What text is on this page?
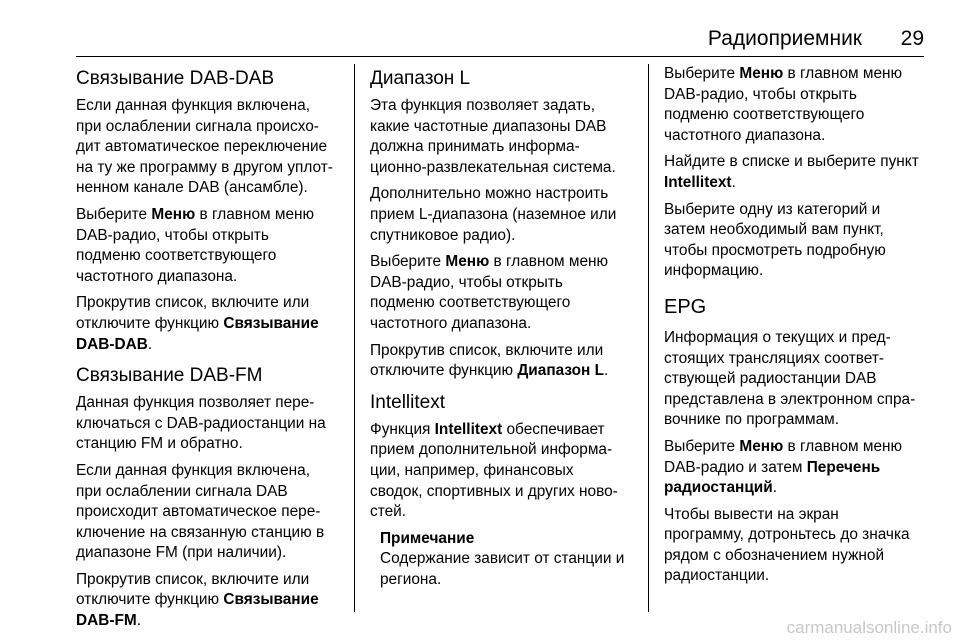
Радиоприемник 29
Связывание DAB-DAB

Если данная функция включена,
при ослаблении сигнала происхо-
дит автоматическое переключение
на ту же программу в другом уплот-
ненном канале DAB (ансамбле).

Выберите Меню в главном меню
DAB-радио, чтобы открыть
подменю соответствующего
частотного диапазона.

Прокрутив список, включите или
отключите функцию Связывание
DAB-DAB.

Связывание DAB-FM

Данная функция позволяет пере-
ключаться с DAB-радиостанции на
станцию FM и обратно.

Если данная функция включена,
при ослаблении сигнала DAB
происходит автоматическое пере-
ключение на связанную станцию в
диапазоне FM (при наличии).

Прокрутив список, включите или
отключите функцию Связывание
DAB-FM.

Диапазон L

Эта функция позволяет задать,
какие частотные диапазоны DAB
должна принимать информа-
ционно-развлекательная система.

Дополнительно можно настроить
прием L-диапазона (наземное или
спутниковое радио).

Выберите Меню в главном меню
DAB-радио, чтобы открыть
подменю соответствующего
частотного диапазона.

Прокрутив список, включите или
отключите функцию Диапазон L.

Intellitext

Функция Intellitext обеспечивает
прием дополнительной информа-
ции, например, финансовых
сводок, спортивных и других ново-
стей.

Примечание

Содержание зависит от станции и
региона.

Выберите Меню в главном меню
DAB-радио, чтобы открыть
подменю соответствующего
частотного диапазона.

Найдите в списке и выберите пункт
Intellitext.

Выберите одну из категорий и
затем необходимый вам пункт,
чтобы просмотреть подробную
информацию.

EPG

Информация о текущих и пред-
стоящих трансляциях соответ-
ствующей радиостанции DAB
представлена в электронном спра-
вочнике по программам.

Выберите Меню в главном меню
DAB-радио и затем Перечень
радиостанций.

Чтобы вывести на экран
программу, дотроньтесь до значка
рядом с обозначением нужной
радиостанции.

carmanualsonline.info
